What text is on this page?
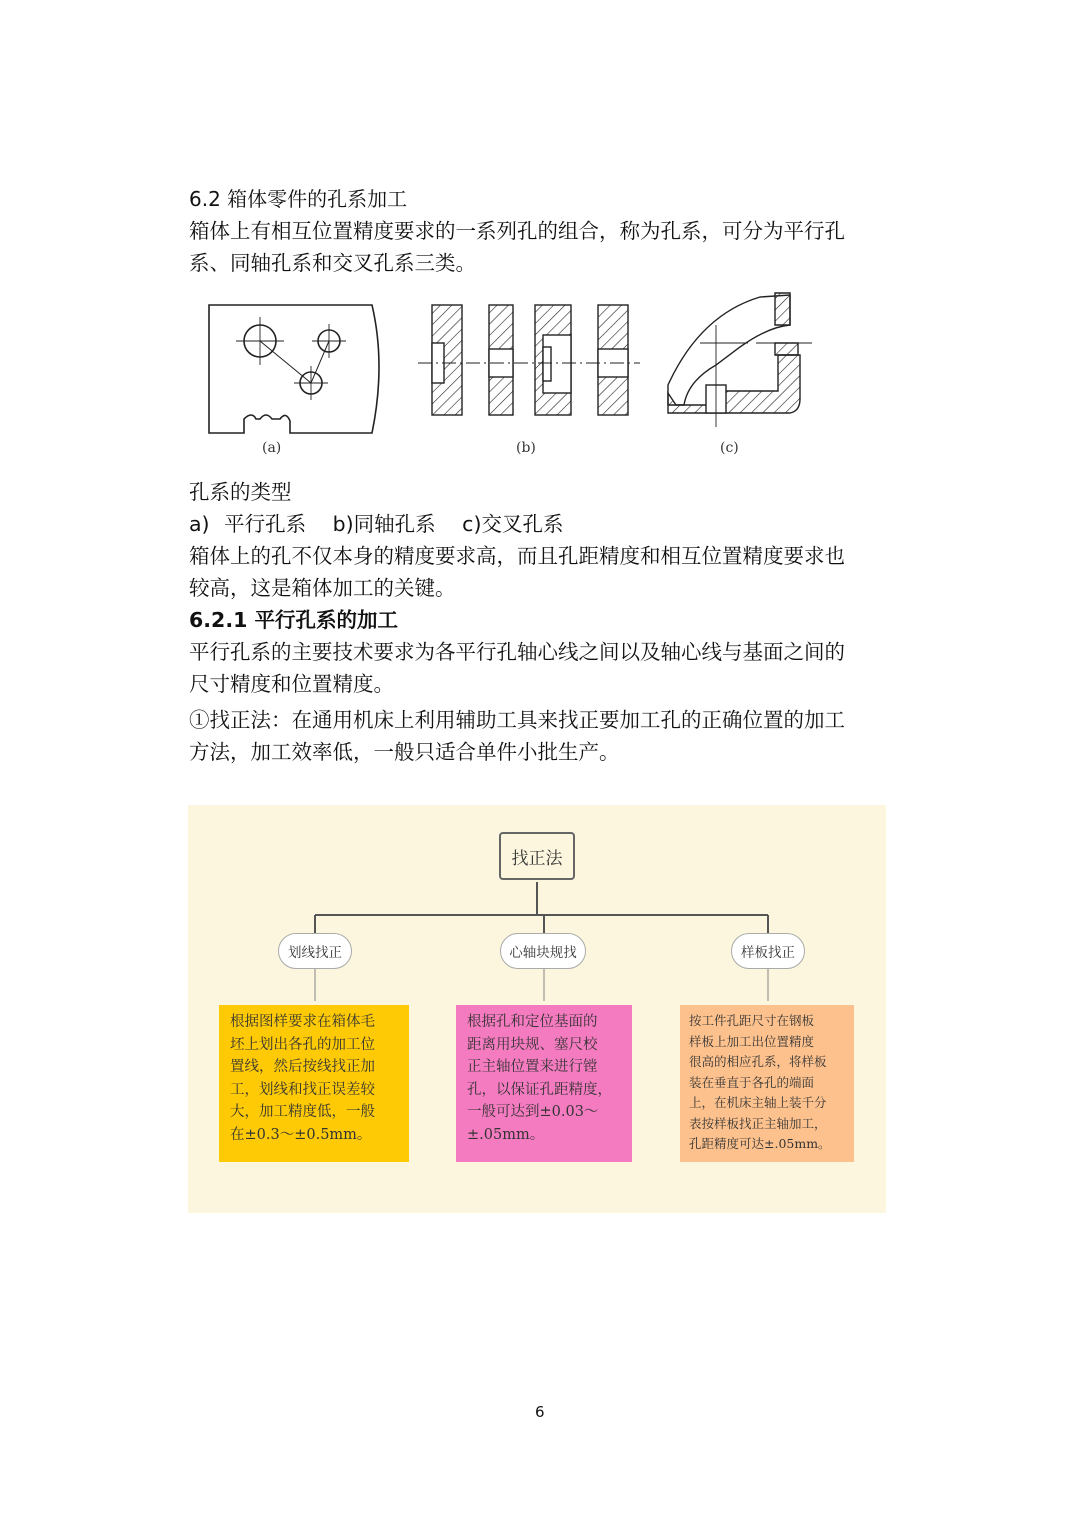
6.2 箱体零件的孔系加工
箱体上有相互位置精度要求的一系列孔的组合，称为孔系，可分为平行孔
系、同轴孔系和交叉孔系三类。
(a)	(b)	(c)
孔系的类型
a) 平行孔系 b)同轴孔系 c)交叉孔系
箱体上的孔不仅本身的精度要求高，而且孔距精度和相互位置精度要求也
较高，这是箱体加工的关键。
6.2.1 平行孔系的加工
平行孔系的主要技术要求为各平行孔轴心线之间以及轴心线与基面之间的
尺寸精度和位置精度。
①找正法：在通用机床上利用辅助工具来找正要加工孔的正确位置的加工
方法，加工效率低，一般只适合单件小批生产。
找正法
划线找正	心轴块规找	样板找正
根据图样要求在箱体毛
坯上划出各孔的加工位
置线，然后按线找正加
工，划线和找正误差较
大，加工精度低，一般
在±0.3～±0.5mm。
根据孔和定位基面的
距离用块规、塞尺校
正主轴位置来进行镗
孔，以保证孔距精度，
一般可达到±0.03～
±.05mm。
按工件孔距尺寸在钢板
样板上加工出位置精度
很高的相应孔系，将样板
装在垂直于各孔的端面
上，在机床主轴上装千分
表按样板找正主轴加工，
孔距精度可达±.05mm。
6
